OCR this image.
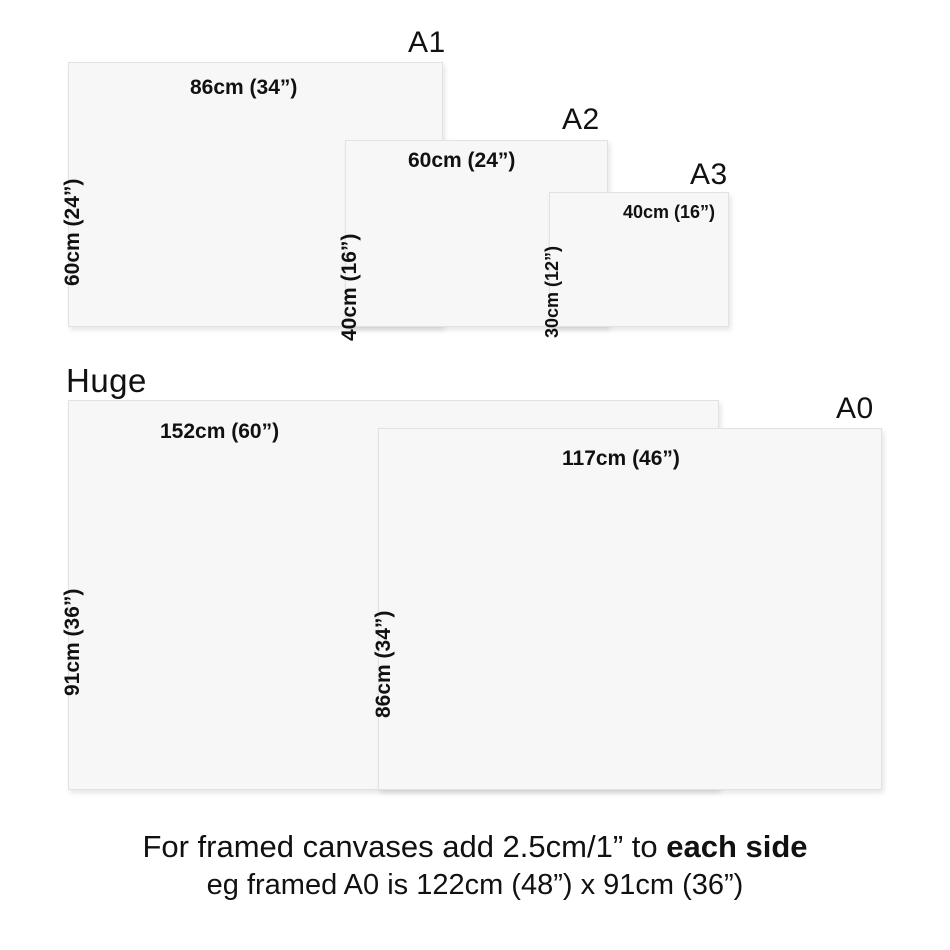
A1
86cm (34”)
60cm (24”)
A2
60cm (24”)
40cm (16”)
A3
40cm (16”)
30cm (12”)
Huge
152cm (60”)
91cm (36”)
A0
117cm (46”)
86cm (34”)
For framed canvases add 2.5cm/1” to each side
eg framed A0 is 122cm (48”) x 91cm (36”)
